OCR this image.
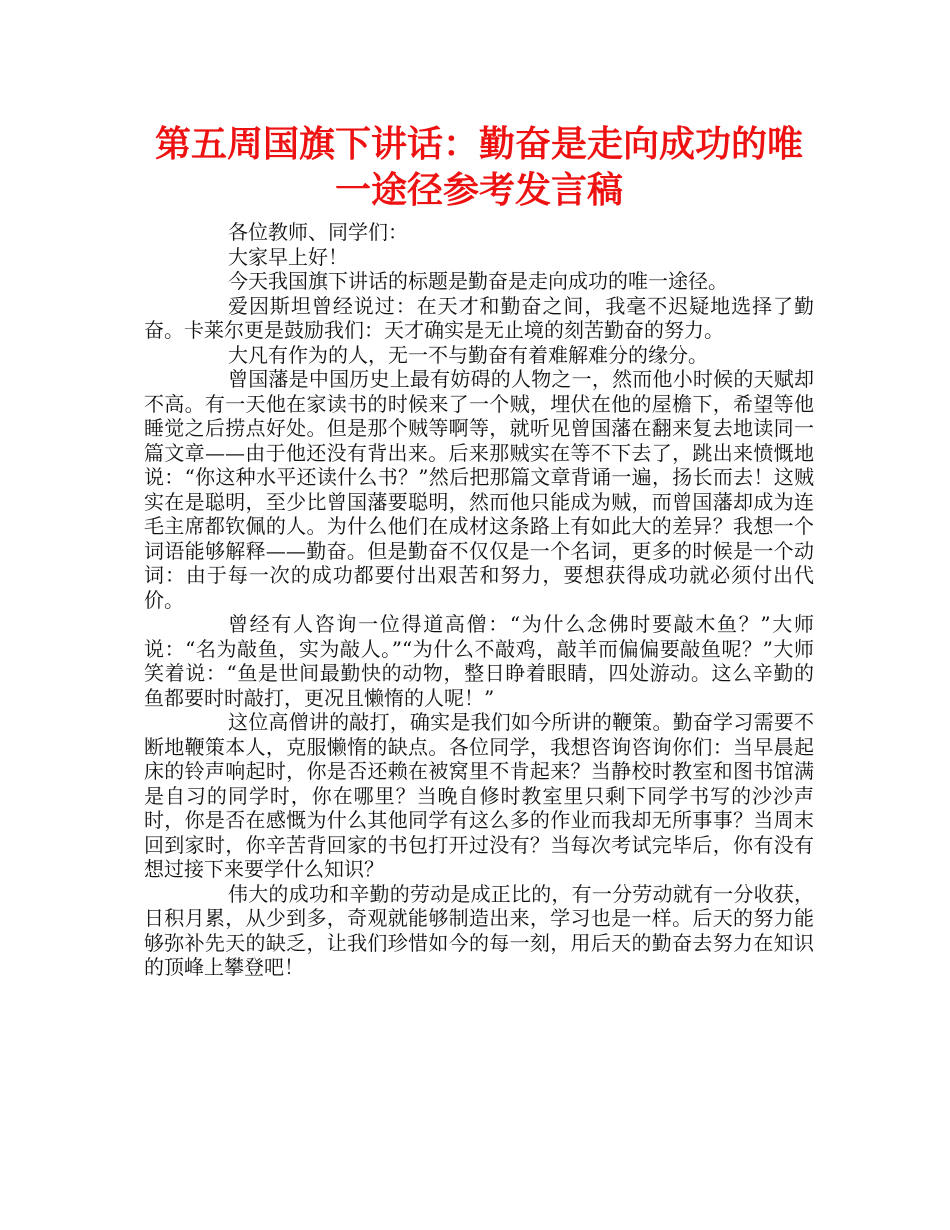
第五周国旗下讲话：勤奋是走向成功的唯一途径参考发言稿

各位教师、同学们：

大家早上好！

今天我国旗下讲话的标题是勤奋是走向成功的唯一途径。

爱因斯坦曾经说过：在天才和勤奋之间，我毫不迟疑地选择了勤奋。卡莱尔更是鼓励我们：天才确实是无止境的刻苦勤奋的努力。

大凡有作为的人，无一不与勤奋有着难解难分的缘分。

曾国藩是中国历史上最有妨碍的人物之一，然而他小时候的天赋却不高。有一天他在家读书的时候来了一个贼，埋伏在他的屋檐下，希望等他睡觉之后捞点好处。但是那个贼等啊等，就听见曾国藩在翻来复去地读同一篇文章——由于他还没有背出来。后来那贼实在等不下去了，跳出来愤慨地说：“你这种水平还读什么书？”然后把那篇文章背诵一遍，扬长而去！这贼实在是聪明，至少比曾国藩要聪明，然而他只能成为贼，而曾国藩却成为连毛主席都钦佩的人。为什么他们在成材这条路上有如此大的差异？我想一个词语能够解释——勤奋。但是勤奋不仅仅是一个名词，更多的时候是一个动词：由于每一次的成功都要付出艰苦和努力，要想获得成功就必须付出代价。

曾经有人咨询一位得道高僧：“为什么念佛时要敲木鱼？”大师说：“名为敲鱼，实为敲人。”“为什么不敲鸡，敲羊而偏偏要敲鱼呢？”大师笑着说：“鱼是世间最勤快的动物，整日睁着眼睛，四处游动。这么辛勤的鱼都要时时敲打，更况且懒惰的人呢！”

这位高僧讲的敲打，确实是我们如今所讲的鞭策。勤奋学习需要不断地鞭策本人，克服懒惰的缺点。各位同学，我想咨询咨询你们：当早晨起床的铃声响起时，你是否还赖在被窝里不肯起来？当静校时教室和图书馆满是自习的同学时，你在哪里？当晚自修时教室里只剩下同学书写的沙沙声时，你是否在感慨为什么其他同学有这么多的作业而我却无所事事？当周末回到家时，你辛苦背回家的书包打开过没有？当每次考试完毕后，你有没有想过接下来要学什么知识？

伟大的成功和辛勤的劳动是成正比的，有一分劳动就有一分收获，日积月累，从少到多，奇观就能够制造出来，学习也是一样。后天的努力能够弥补先天的缺乏，让我们珍惜如今的每一刻，用后天的勤奋去努力在知识的顶峰上攀登吧！
